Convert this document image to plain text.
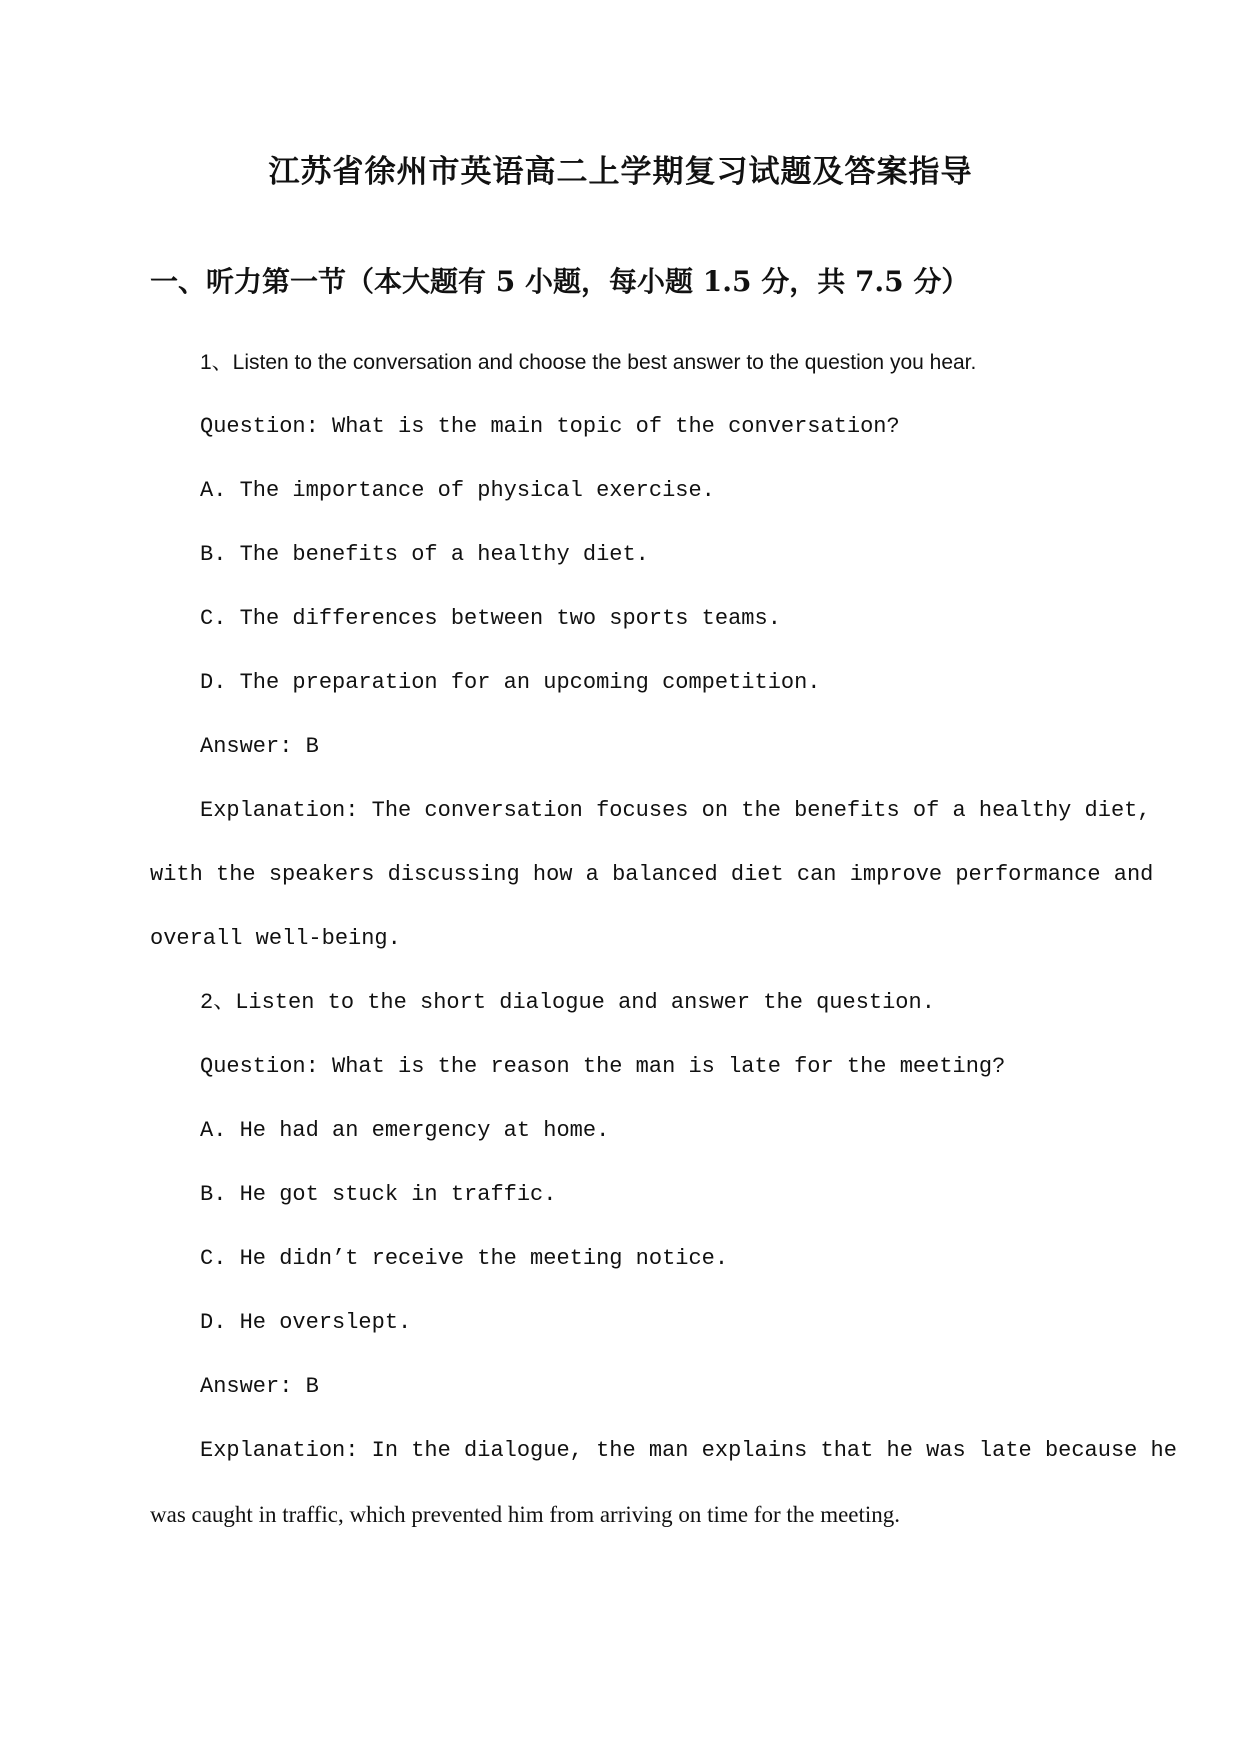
江苏省徐州市英语高二上学期复习试题及答案指导
一、听力第一节（本大题有 5 小题，每小题 1.5 分，共 7.5 分）
1、Listen to the conversation and choose the best answer to the question you hear.
Question: What is the main topic of the conversation?
A. The importance of physical exercise.
B. The benefits of a healthy diet.
C. The differences between two sports teams.
D. The preparation for an upcoming competition.
Answer: B
Explanation: The conversation focuses on the benefits of a healthy diet,
with the speakers discussing how a balanced diet can improve performance and
overall well-being.
2、Listen to the short dialogue and answer the question.
Question: What is the reason the man is late for the meeting?
A. He had an emergency at home.
B. He got stuck in traffic.
C. He didn’t receive the meeting notice.
D. He overslept.
Answer: B
Explanation: In the dialogue, the man explains that he was late because he
was caught in traffic, which prevented him from arriving on time for the meeting.
